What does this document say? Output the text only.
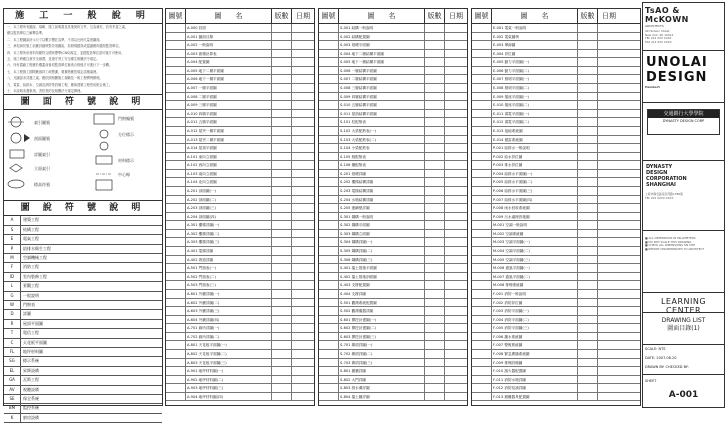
施 工 一 般 說 明
一、本工程所有圖說、規範、施工說明書及其他契約文件，互為補充，若有矛盾之處，
應以監造單位之解釋為準。
二、本工程圖說所示尺寸以數字標註為準，不得以比例尺量度圖面。
三、承包商於施工前應詳細核對各項圖說，如發現錯誤或遺漏應即通知監造單位。
四、本工程所用材料均應符合國家標準(CNS)規定，並經監造單位認可後方可使用。
五、施工時應注意安全維護，並遵守勞工安全衛生相關法令規定。
六、所有隱蔽工程應於覆蓋前會同監造單位檢查合格後方可進行下一步驟。
七、本工程施工期間應維持工地整潔，廢棄物應依規定清運處理。
八、凡圖說未詳盡之處，應依照相關施工規範及一般工程慣例辦理。
九、電氣、給排水、空調及消防等設備工程，應與建築工程密切配合施工。
十、本說明未盡事項，悉依契約及相關法令規定辦理。
圖 面 符 號 說 明
索引圖號
剖面圖號
詳圖索引
立面索引
標高符號
門窗編號
方位標示
材料標示
中心線
圖 說 符 號 說 明
A	建築工程
S	結構工程
E	電氣工程
P	給排水衛生工程
M	空調機械工程
F	消防工程
ID	室內裝修工程
L	景觀工程
G	一般說明
W	門窗表
D	詳圖
R	屋頂平面圖
T	電信工程
C	天花板平面圖
FL	地坪材料圖
SG	標示系統
EL	昇降設備
GA	瓦斯工程
AV	視聽設備
SE	保全系統
BM	監控系統
K	廚房設備
圖號	圖　　名	版數	日期
A-000 封面
A-001 圖面目錄
A-002 一般說明
A-003 面積計算表
A-004 配置圖
A-005 地下二層平面圖
A-006 地下一層平面圖
A-007 一層平面圖
A-008 二層平面圖
A-009 三層平面圖
A-010 四層平面圖
A-011 五層平面圖
A-012 屋突一層平面圖
A-013 屋突二層平面圖
A-014 屋頂平面圖
A-101 東向立面圖
A-102 西向立面圖
A-103 南向立面圖
A-104 北向立面圖
A-201 剖面圖(一)
A-202 剖面圖(二)
A-203 剖面圖(三)
A-204 剖面圖(四)
A-301 樓梯詳圖(一)
A-302 樓梯詳圖(二)
A-303 樓梯詳圖(三)
A-401 電梯詳圖
A-402 坡道詳圖
A-501 門窗表(一)
A-502 門窗表(二)
A-503 門窗表(三)
A-601 外牆詳圖(一)
A-602 外牆詳圖(二)
A-603 外牆詳圖(三)
A-604 外牆詳圖(四)
A-701 廁所詳圖(一)
A-702 廁所詳圖(二)
A-801 天花板平面圖(一)
A-802 天花板平面圖(二)
A-803 天花板平面圖(三)
A-901 地坪材料圖(一)
A-902 地坪材料圖(二)
A-903 地坪材料圖(三)
A-904 地坪材料圖(四)
圖號	圖　　名	版數	日期
S-001 結構一般說明
S-002 結構配置圖
S-003 基礎平面圖
S-004 地下二層結構平面圖
S-005 地下一層結構平面圖
S-006 一層結構平面圖
S-007 二層結構平面圖
S-008 三層結構平面圖
S-009 四層結構平面圖
S-010 五層結構平面圖
S-011 屋頂結構平面圖
S-101 柱配筋表
S-102 大梁配筋表(一)
S-103 大梁配筋表(二)
S-104 小梁配筋表
S-105 版配筋表
S-106 牆配筋表
S-201 基礎詳圖
S-202 樓梯結構詳圖
S-203 電梯結構詳圖
S-204 水箱結構詳圖
S-205 連續壁詳圖
S-301 鋼構一般說明
S-302 鋼構平面圖
S-303 鋼構立面圖
S-304 鋼構詳圖(一)
S-305 鋼構詳圖(二)
S-306 鋼構詳圖(三)
S-401 擋土措施平面圖
S-402 擋土措施剖面圖
S-403 支撐配置圖
S-404 支撐詳圖
S-501 觀測系統配置圖
S-502 觀測儀器詳圖
S-601 開挖計畫圖(一)
S-602 開挖計畫圖(二)
S-603 開挖計畫圖(三)
S-701 雜項詳圖(一)
S-702 雜項詳圖(二)
S-703 雜項詳圖(三)
S-801 圍牆詳圖
S-802 大門詳圖
S-803 排水溝詳圖
S-804 擋土牆詳圖
圖號	圖　　名	版數	日期
E-001 電氣一般說明
E-002 電氣圖例
E-003 單線圖
E-004 昇位圖
E-005 動力平面圖(一)
E-006 動力平面圖(二)
E-007 照明平面圖(一)
E-008 照明平面圖(二)
E-009 插座平面圖(一)
E-010 插座平面圖(二)
E-011 弱電平面圖(一)
E-012 弱電平面圖(二)
E-013 接地系統圖
E-014 避雷系統圖
P-001 給排水一般說明
P-002 給水昇位圖
P-003 排水昇位圖
P-004 給排水平面圖(一)
P-005 給排水平面圖(二)
P-006 給排水平面圖(三)
P-007 給排水平面圖(四)
P-008 雨水回收系統圖
P-009 污水處理設施圖
M-001 空調一般說明
M-002 空調系統圖
M-003 空調平面圖(一)
M-004 空調平面圖(二)
M-005 空調平面圖(三)
M-006 通風平面圖(一)
M-007 通風平面圖(二)
M-008 排煙系統圖
F-001 消防一般說明
F-002 消防昇位圖
F-003 消防平面圖(一)
F-004 消防平面圖(二)
F-005 消防平面圖(三)
F-006 灑水系統圖
F-007 警報系統圖
F-008 緊急廣播系統圖
F-009 排煙設備圖
F-010 滅火器配置圖
F-011 消防水箱詳圖
F-012 消防泵浦詳圖
F-013 避難器具配置圖
TsAO & McKOWN
ARCHITECTS
99 Hudson Street
New York, NY 10013
TEL 212 XXX XXXX
FAX 212 XXX XXXX
UNOLAI
DESIGN
Hambert
交通銀行大學學院
DYNASTY DESIGN CORP
DYNASTY
DESIGN
CORPORATION
SHANGHAI
上海市靜安區南京西路1788號
TEL 021 XXXX XXXX
■ ALL DIMENSIONS IN MILLIMETERS
■ DO NOT SCALE THIS DRAWING
■ CHECK ALL DIMENSIONS ON SITE
■ REPORT DISCREPANCIES TO ARCHITECT
LEARNING CENTER
DRAWING LIST
圖面目錄(1)
SCALE: NTS
DATE: 2007.08.20
DRAWN BY: CHECKED BY:
SHEET
A-001
